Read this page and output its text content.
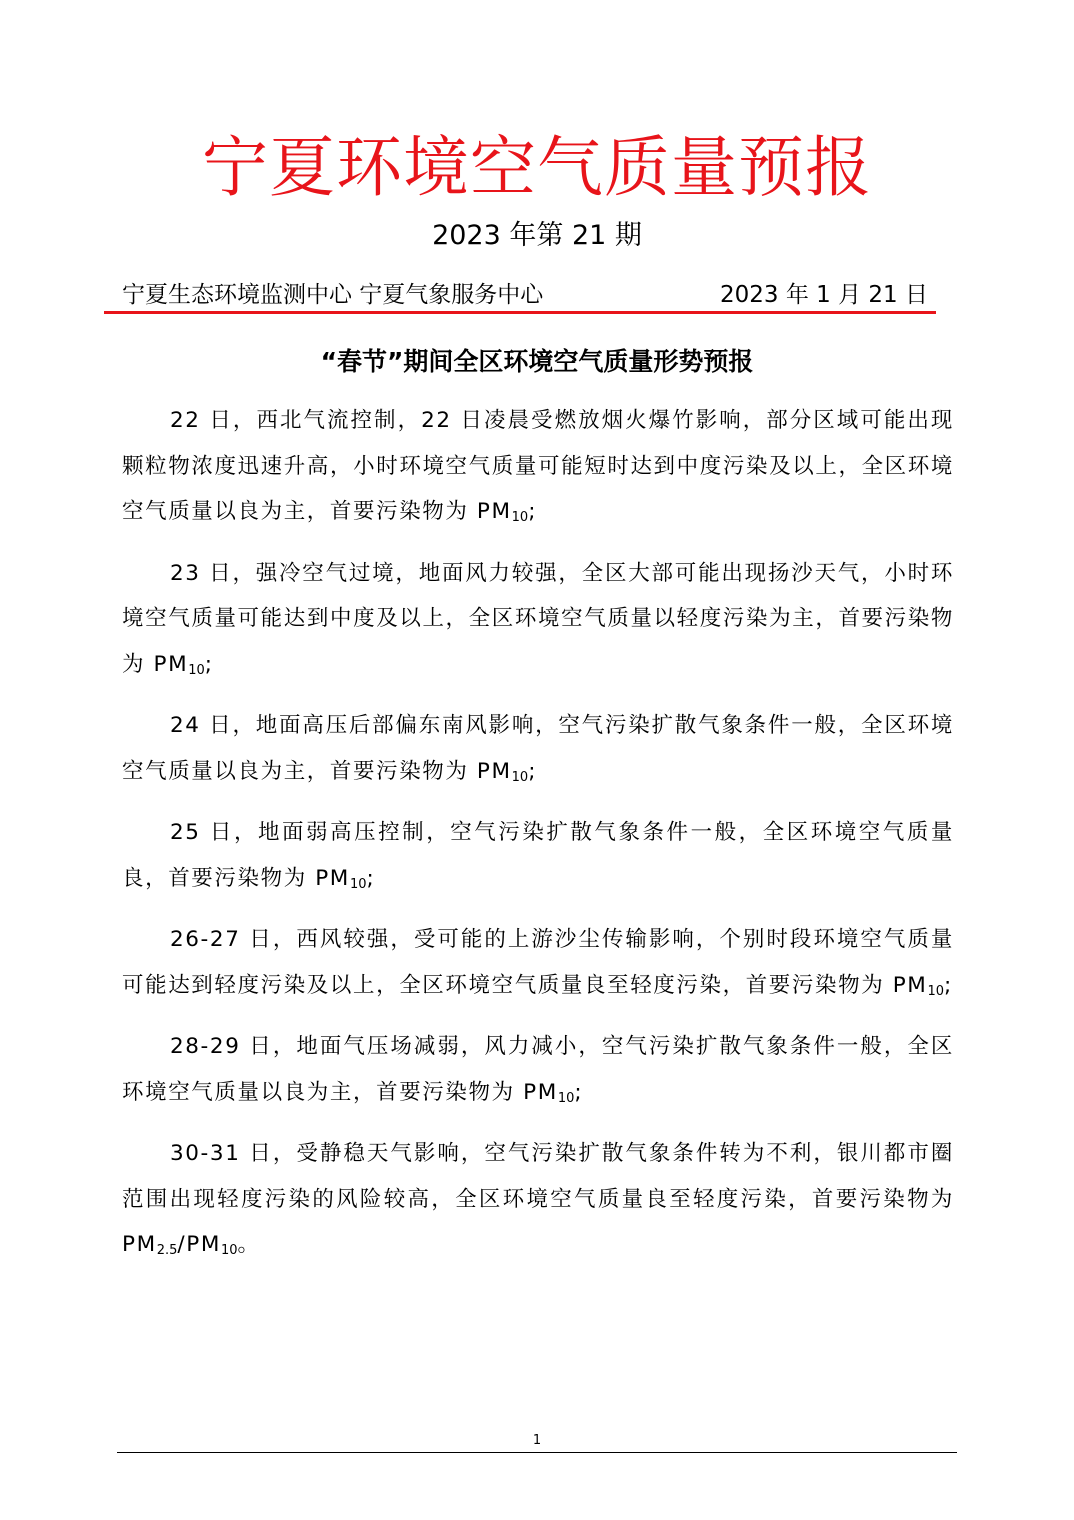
宁夏环境空气质量预报
2023 年第 21 期
宁夏生态环境监测中心 宁夏气象服务中心	2023 年 1 月 21 日
“春节”期间全区环境空气质量形势预报

22 日，西北气流控制，22 日凌晨受燃放烟火爆竹影响，部分区域可能出现颗粒物浓度迅速升高，小时环境空气质量可能短时达到中度污染及以上，全区环境空气质量以良为主，首要污染物为 $PM_{10}$;

23 日，强冷空气过境，地面风力较强，全区大部可能出现扬沙天气，小时环境空气质量可能达到中度及以上，全区环境空气质量以轻度污染为主，首要污染物为 $PM_{10}$;

24 日，地面高压后部偏东南风影响，空气污染扩散气象条件一般，全区环境空气质量以良为主，首要污染物为 $PM_{10}$;

25 日，地面弱高压控制，空气污染扩散气象条件一般，全区环境空气质量良，首要污染物为 $PM_{10}$;

26-27 日，西风较强，受可能的上游沙尘传输影响，个别时段环境空气质量可能达到轻度污染及以上，全区环境空气质量良至轻度污染，首要污染物为 $PM_{10}$;

28-29 日，地面气压场减弱，风力减小，空气污染扩散气象条件一般，全区环境空气质量以良为主，首要污染物为 $PM_{10}$;

30-31 日，受静稳天气影响，空气污染扩散气象条件转为不利，银川都市圈范围出现轻度污染的风险较高，全区环境空气质量良至轻度污染，首要污染物为 $PM_{2.5}/PM_{10}$。

1
